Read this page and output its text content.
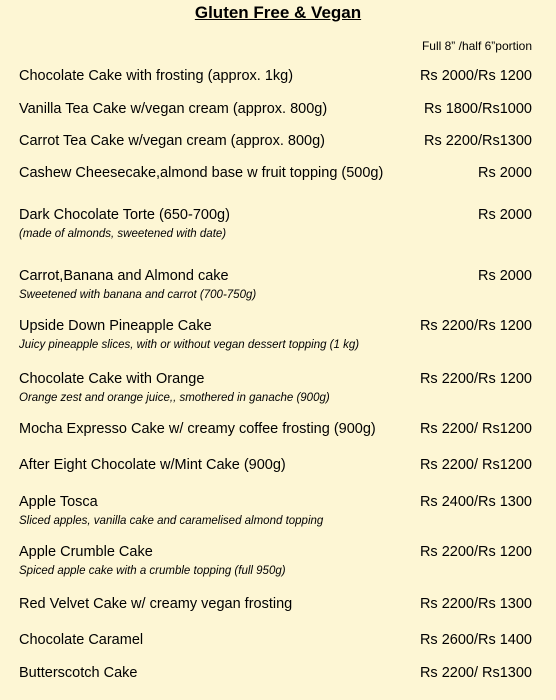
Gluten Free & Vegan
Full 8” /half 6”portion
Chocolate Cake with frosting (approx. 1kg)	Rs 2000/Rs 1200
Vanilla Tea Cake w/vegan cream (approx. 800g)	Rs 1800/Rs1000
Carrot Tea Cake w/vegan cream (approx. 800g)	Rs 2200/Rs1300
Cashew Cheesecake,almond base w fruit topping (500g)	Rs 2000
Dark Chocolate Torte (650-700g)	Rs 2000
(made of almonds, sweetened with date)
Carrot,Banana and Almond cake	Rs 2000
Sweetened with banana and carrot (700-750g)
Upside Down Pineapple Cake	Rs 2200/Rs 1200
Juicy pineapple slices, with or without vegan dessert topping (1 kg)
Chocolate Cake with Orange	Rs 2200/Rs 1200
Orange zest and orange juice,, smothered in ganache (900g)
Mocha Expresso Cake w/ creamy coffee frosting (900g)	Rs 2200/ Rs1200
After Eight Chocolate w/Mint Cake (900g)	Rs 2200/ Rs1200
Apple Tosca	Rs 2400/Rs 1300
Sliced apples, vanilla cake and caramelised almond topping
Apple Crumble Cake	Rs 2200/Rs 1200
Spiced apple cake with a crumble topping (full 950g)
Red Velvet Cake w/ creamy vegan frosting	Rs 2200/Rs 1300
Chocolate Caramel	Rs 2600/Rs 1400
Butterscotch Cake	Rs 2200/ Rs1300
